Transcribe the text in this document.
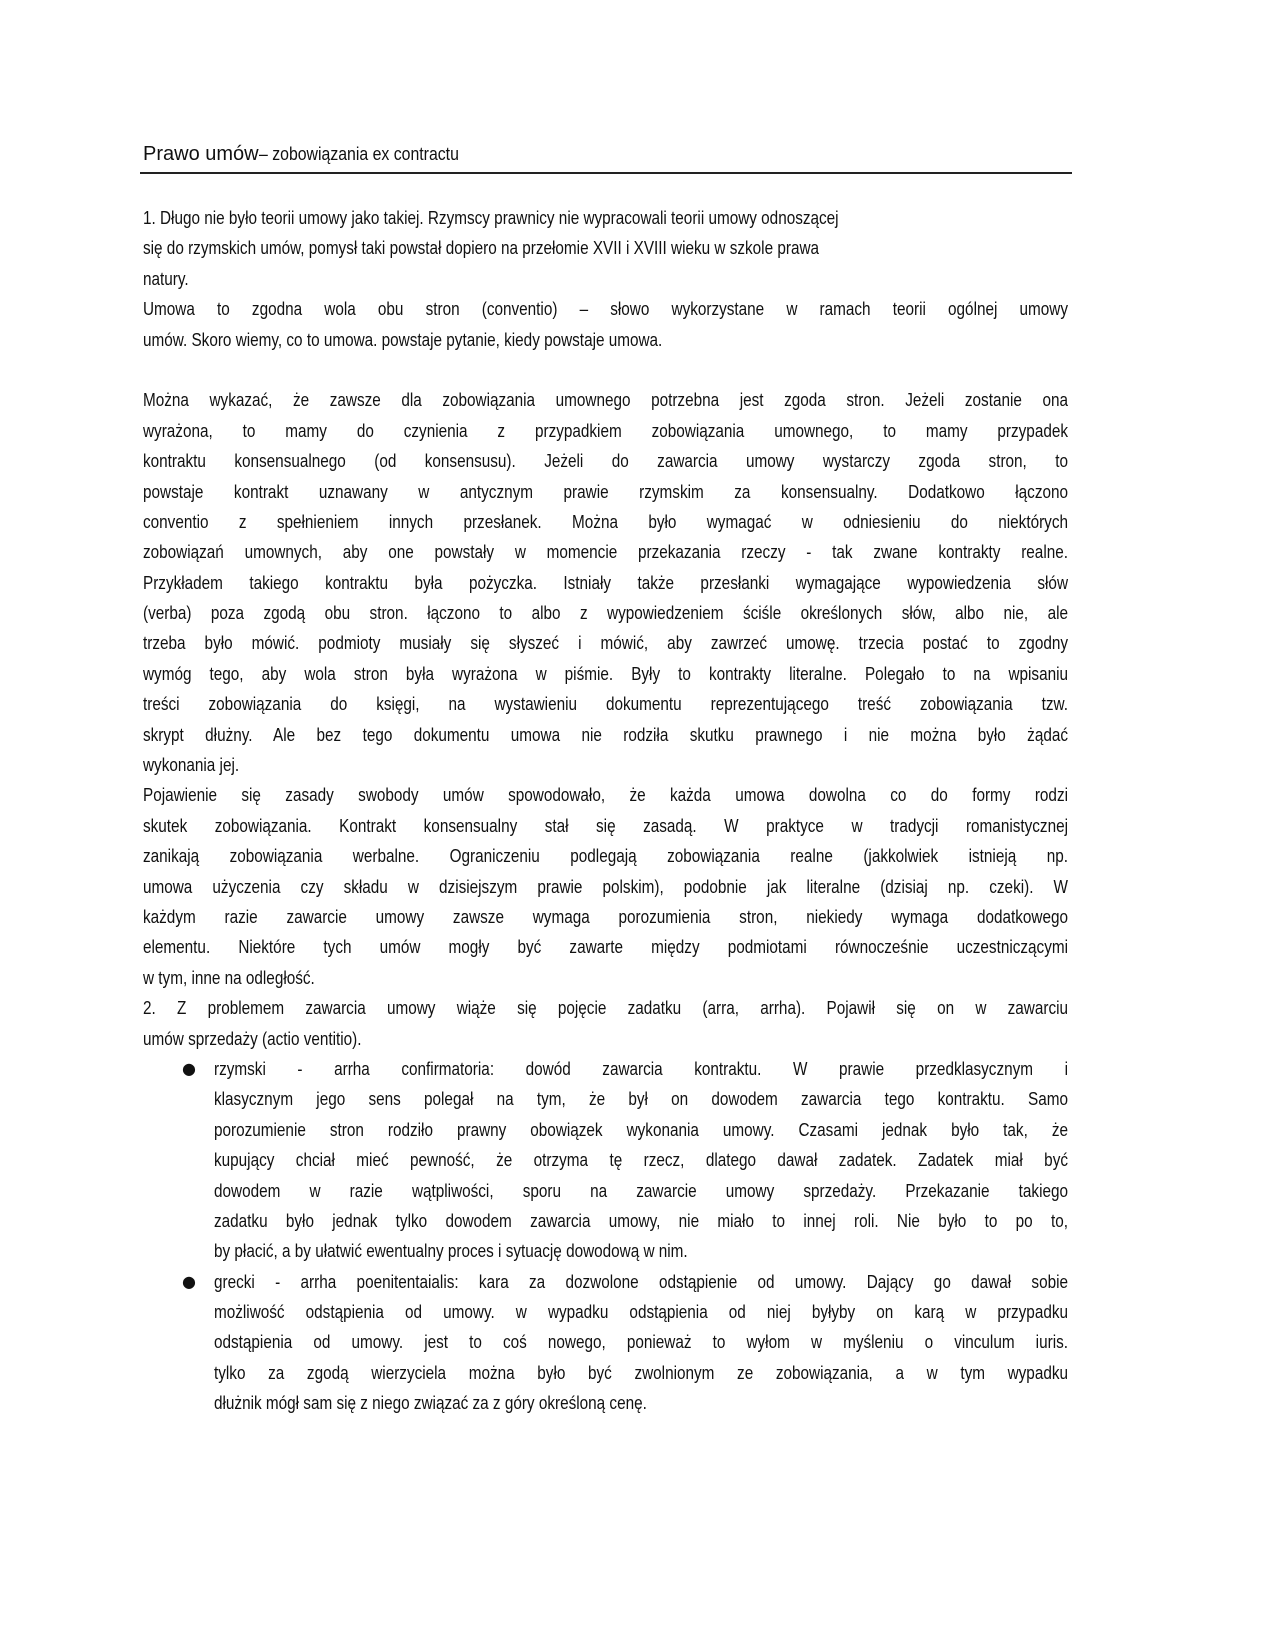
Prawo umów– zobowiązania ex contractu
1. Długo nie było teorii umowy jako takiej. Rzymscy prawnicy nie wypracowali teorii umowy odnoszącej
się do rzymskich umów, pomysł taki powstał dopiero na przełomie XVII i XVIII wieku w szkole prawa
natury.
Umowa to zgodna wola obu stron (conventio) – słowo wykorzystane w ramach teorii ogólnej umowy
umów. Skoro wiemy, co to umowa. powstaje pytanie, kiedy powstaje umowa.
Można wykazać, że zawsze dla zobowiązania umownego potrzebna jest zgoda stron. Jeżeli zostanie ona
wyrażona, to mamy do czynienia z przypadkiem zobowiązania umownego, to mamy przypadek
kontraktu konsensualnego (od konsensusu). Jeżeli do zawarcia umowy wystarczy zgoda stron, to
powstaje kontrakt uznawany w antycznym prawie rzymskim za konsensualny. Dodatkowo łączono
conventio z spełnieniem innych przesłanek. Można było wymagać w odniesieniu do niektórych
zobowiązań umownych, aby one powstały w momencie przekazania rzeczy - tak zwane kontrakty realne.
Przykładem takiego kontraktu była pożyczka. Istniały także przesłanki wymagające wypowiedzenia słów
(verba) poza zgodą obu stron. łączono to albo z wypowiedzeniem ściśle określonych słów, albo nie, ale
trzeba było mówić. podmioty musiały się słyszeć i mówić, aby zawrzeć umowę. trzecia postać to zgodny
wymóg tego, aby wola stron była wyrażona w piśmie. Były to kontrakty literalne. Polegało to na wpisaniu
treści zobowiązania do księgi, na wystawieniu dokumentu reprezentującego treść zobowiązania tzw.
skrypt dłużny. Ale bez tego dokumentu umowa nie rodziła skutku prawnego i nie można było żądać
wykonania jej.
Pojawienie się zasady swobody umów spowodowało, że każda umowa dowolna co do formy rodzi
skutek zobowiązania. Kontrakt konsensualny stał się zasadą. W praktyce w tradycji romanistycznej
zanikają zobowiązania werbalne. Ograniczeniu podlegają zobowiązania realne (jakkolwiek istnieją np.
umowa użyczenia czy składu w dzisiejszym prawie polskim), podobnie jak literalne (dzisiaj np. czeki). W
każdym razie zawarcie umowy zawsze wymaga porozumienia stron, niekiedy wymaga dodatkowego
elementu. Niektóre tych umów mogły być zawarte między podmiotami równocześnie uczestniczącymi
w tym, inne na odległość.
2. Z problemem zawarcia umowy wiąże się pojęcie zadatku (arra, arrha). Pojawił się on w zawarciu
umów sprzedaży (actio ventitio).
● rzymski - arrha confirmatoria: dowód zawarcia kontraktu. W prawie przedklasycznym i
klasycznym jego sens polegał na tym, że był on dowodem zawarcia tego kontraktu. Samo
porozumienie stron rodziło prawny obowiązek wykonania umowy. Czasami jednak było tak, że
kupujący chciał mieć pewność, że otrzyma tę rzecz, dlatego dawał zadatek. Zadatek miał być
dowodem w razie wątpliwości, sporu na zawarcie umowy sprzedaży. Przekazanie takiego
zadatku było jednak tylko dowodem zawarcia umowy, nie miało to innej roli. Nie było to po to,
by płacić, a by ułatwić ewentualny proces i sytuację dowodową w nim.
● grecki - arrha poenitentaialis: kara za dozwolone odstąpienie od umowy. Dający go dawał sobie
możliwość odstąpienia od umowy. w wypadku odstąpienia od niej byłyby on karą w przypadku
odstąpienia od umowy. jest to coś nowego, ponieważ to wyłom w myśleniu o vinculum iuris.
tylko za zgodą wierzyciela można było być zwolnionym ze zobowiązania, a w tym wypadku
dłużnik mógł sam się z niego związać za z góry określoną cenę.
